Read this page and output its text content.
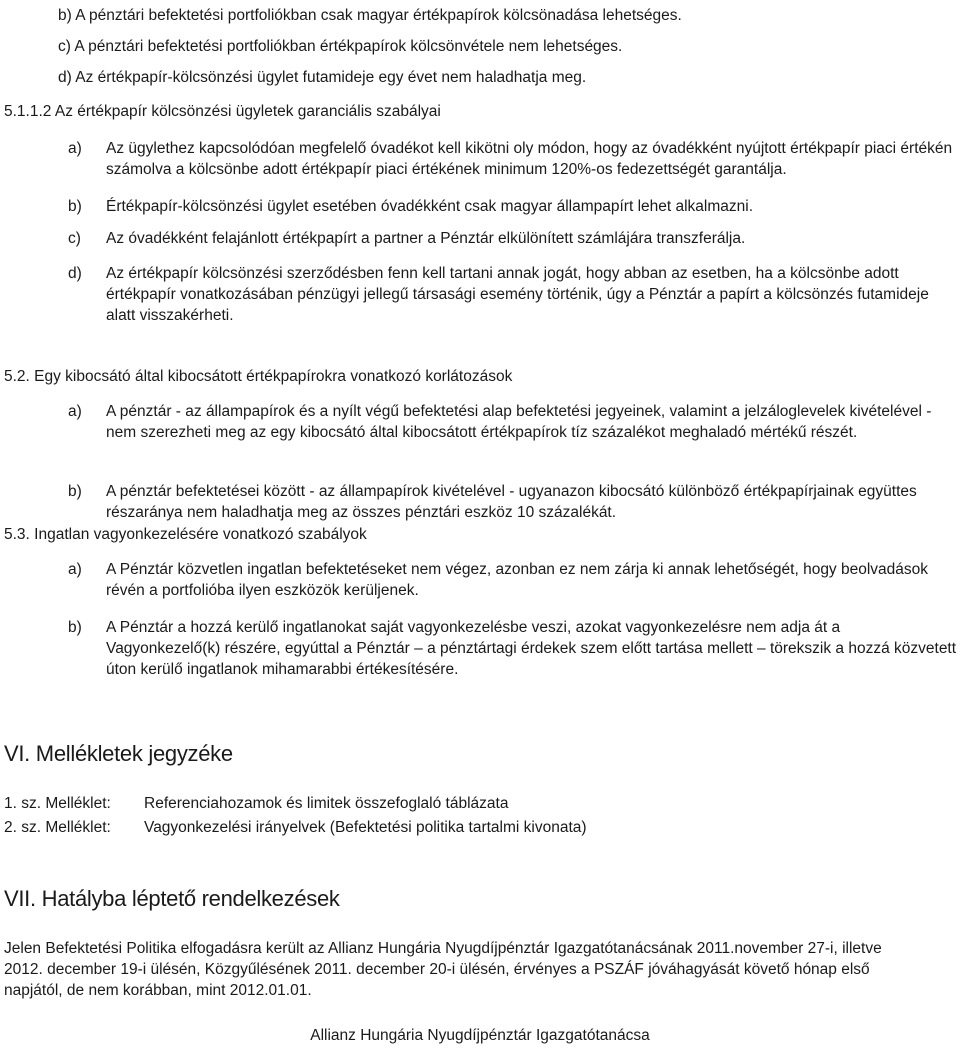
b) A pénztári befektetési portfoliókban csak magyar értékpapírok kölcsönadása lehetséges.
c) A pénztári befektetési portfoliókban értékpapírok kölcsönvétele nem lehetséges.
d) Az értékpapír-kölcsönzési ügylet futamideje egy évet nem haladhatja meg.
5.1.1.2 Az értékpapír kölcsönzési ügyletek garanciális szabályai
a) Az ügylethez kapcsolódóan megfelelő óvadékot kell kikötni oly módon, hogy az óvadékként nyújtott értékpapír piaci értékén számolva a kölcsönbe adott értékpapír piaci értékének minimum 120%-os fedezettségét garantálja.
b) Értékpapír-kölcsönzési ügylet esetében óvadékként csak magyar állampapírt lehet alkalmazni.
c) Az óvadékként felajánlott értékpapírt a partner a Pénztár elkülönített számlájára transzferálja.
d) Az értékpapír kölcsönzési szerződésben fenn kell tartani annak jogát, hogy abban az esetben, ha a kölcsönbe adott értékpapír vonatkozásában pénzügyi jellegű társasági esemény történik, úgy a Pénztár a papírt a kölcsönzés futamideje alatt visszakérheti.
5.2. Egy kibocsátó által kibocsátott értékpapírokra vonatkozó korlátozások
a) A pénztár - az állampapírok és a nyílt végű befektetési alap befektetési jegyeinek, valamint a jelzáloglevelek kivételével - nem szerezheti meg az egy kibocsátó által kibocsátott értékpapírok tíz százalékot meghaladó mértékű részét.
b) A pénztár befektetései között - az állampapírok kivételével - ugyanazon kibocsátó különböző értékpapírjainak együttes részaránya nem haladhatja meg az összes pénztári eszköz 10 százalékát.
5.3. Ingatlan vagyonkezelésére vonatkozó szabályok
a) A Pénztár közvetlen ingatlan befektetéseket nem végez, azonban ez nem zárja ki annak lehetőségét, hogy beolvadások révén a portfolióba ilyen eszközök kerüljenek.
b) A Pénztár a hozzá kerülő ingatlanokat saját vagyonkezelésbe veszi, azokat vagyonkezelésre nem adja át a Vagyonkezelő(k) részére, egyúttal a Pénztár – a pénztártagi érdekek szem előtt tartása mellett – törekszik a hozzá közvetett úton kerülő ingatlanok mihamarabbi értékesítésére.
VI. Mellékletek jegyzéke
1. sz. Melléklet: Referenciahozamok és limitek összefoglaló táblázata
2. sz. Melléklet: Vagyonkezelési irányelvek (Befektetési politika tartalmi kivonata)
VII. Hatályba léptető rendelkezések
Jelen Befektetési Politika elfogadásra került az Allianz Hungária Nyugdíjpénztár Igazgatótanácsának 2011.november 27-i, illetve 2012. december 19-i ülésén, Közgyűlésének 2011. december 20-i ülésén, érvényes a PSZÁF jóváhagyását követő hónap első napjától, de nem korábban, mint 2012.01.01.
Allianz Hungária Nyugdíjpénztár Igazgatótanácsa
